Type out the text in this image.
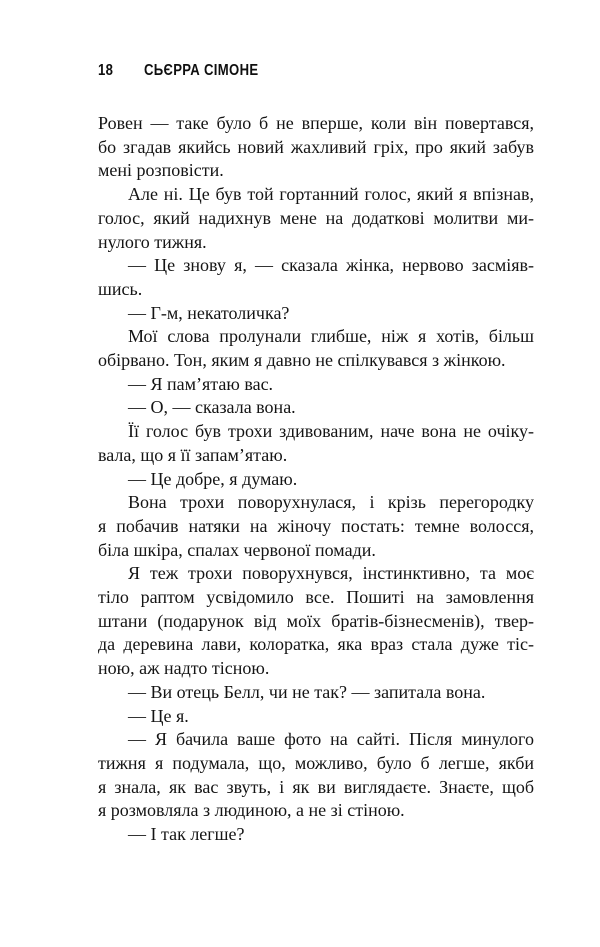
18 СЬЄРРА СІМОНЕ
Ровен — таке було б не вперше, коли він повертався,
бо згадав якийсь новий жахливий гріх, про який забув
мені розповісти.
Але ні. Це був той гортанний голос, який я впізнав,
голос, який надихнув мене на додаткові молитви ми-
нулого тижня.
— Це знову я, — сказала жінка, нервово засміяв-
шись.
— Г-м, некатоличка?
Мої слова пролунали глибше, ніж я хотів, більш
обірвано. Тон, яким я давно не спілкувався з жінкою.
— Я пам’ятаю вас.
— О, — сказала вона.
Її голос був трохи здивованим, наче вона не очіку-
вала, що я її запам’ятаю.
— Це добре, я думаю.
Вона трохи поворухнулася, і крізь перегородку
я побачив натяки на жіночу постать: темне волосся,
біла шкіра, спалах червоної помади.
Я теж трохи поворухнувся, інстинктивно, та моє
тіло раптом усвідомило все. Пошиті на замовлення
штани (подарунок від моїх братів-бізнесменів), твер-
да деревина лави, колоратка, яка враз стала дуже тіс-
ною, аж надто тісною.
— Ви отець Белл, чи не так? — запитала вона.
— Це я.
— Я бачила ваше фото на сайті. Після минулого
тижня я подумала, що, можливо, було б легше, якби
я знала, як вас звуть, і як ви виглядаєте. Знаєте, щоб
я розмовляла з людиною, а не зі стіною.
— І так легше?
